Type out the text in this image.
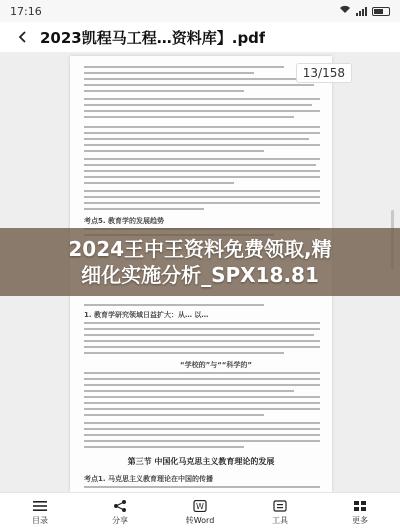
17:16
2023凯程马工程…资料库】.pdf
考点5. 教育学的发展趋势
1. 教育学研究领域日益扩大：从… 以…
“学校的”与““科学的”
第三节 中国化马克思主义教育理论的发展
考点1. 马克思主义教育理论在中国的传播
13/158
2024王中王资料免费领取,精
细化实施分析_SPX18.81
目录	分享
W
转Word	工具	更多
